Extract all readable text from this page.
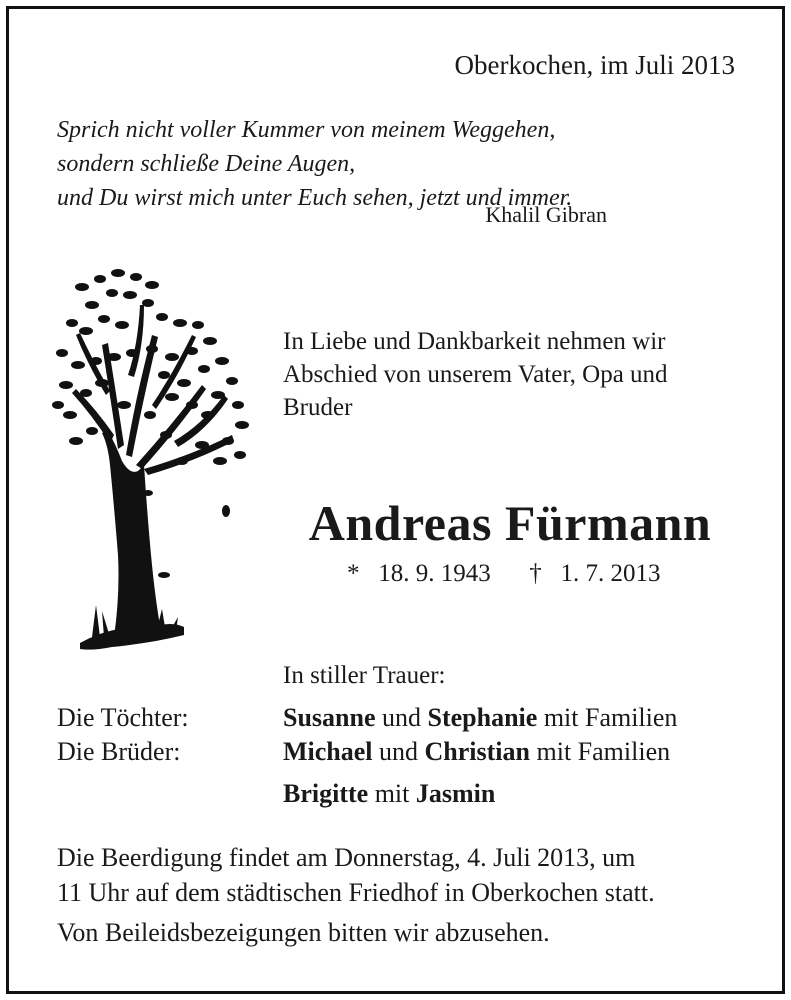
Oberkochen, im Juli 2013
Sprich nicht voller Kummer von meinem Weggehen,
sondern schließe Deine Augen,
und Du wirst mich unter Euch sehen, jetzt und immer.
Khalil Gibran
In Liebe und Dankbarkeit nehmen wir
Abschied von unserem Vater, Opa und
Bruder
Andreas Fürmann
* 18. 9. 1943 † 1. 7. 2013
In stiller Trauer:
Die Töchter:	Susanne und Stephanie mit Familien
Die Brüder:	Michael und Christian mit Familien
Brigitte mit Jasmin
Die Beerdigung findet am Donnerstag, 4. Juli 2013, um
11 Uhr auf dem städtischen Friedhof in Oberkochen statt.
Von Beileidsbezeigungen bitten wir abzusehen.
